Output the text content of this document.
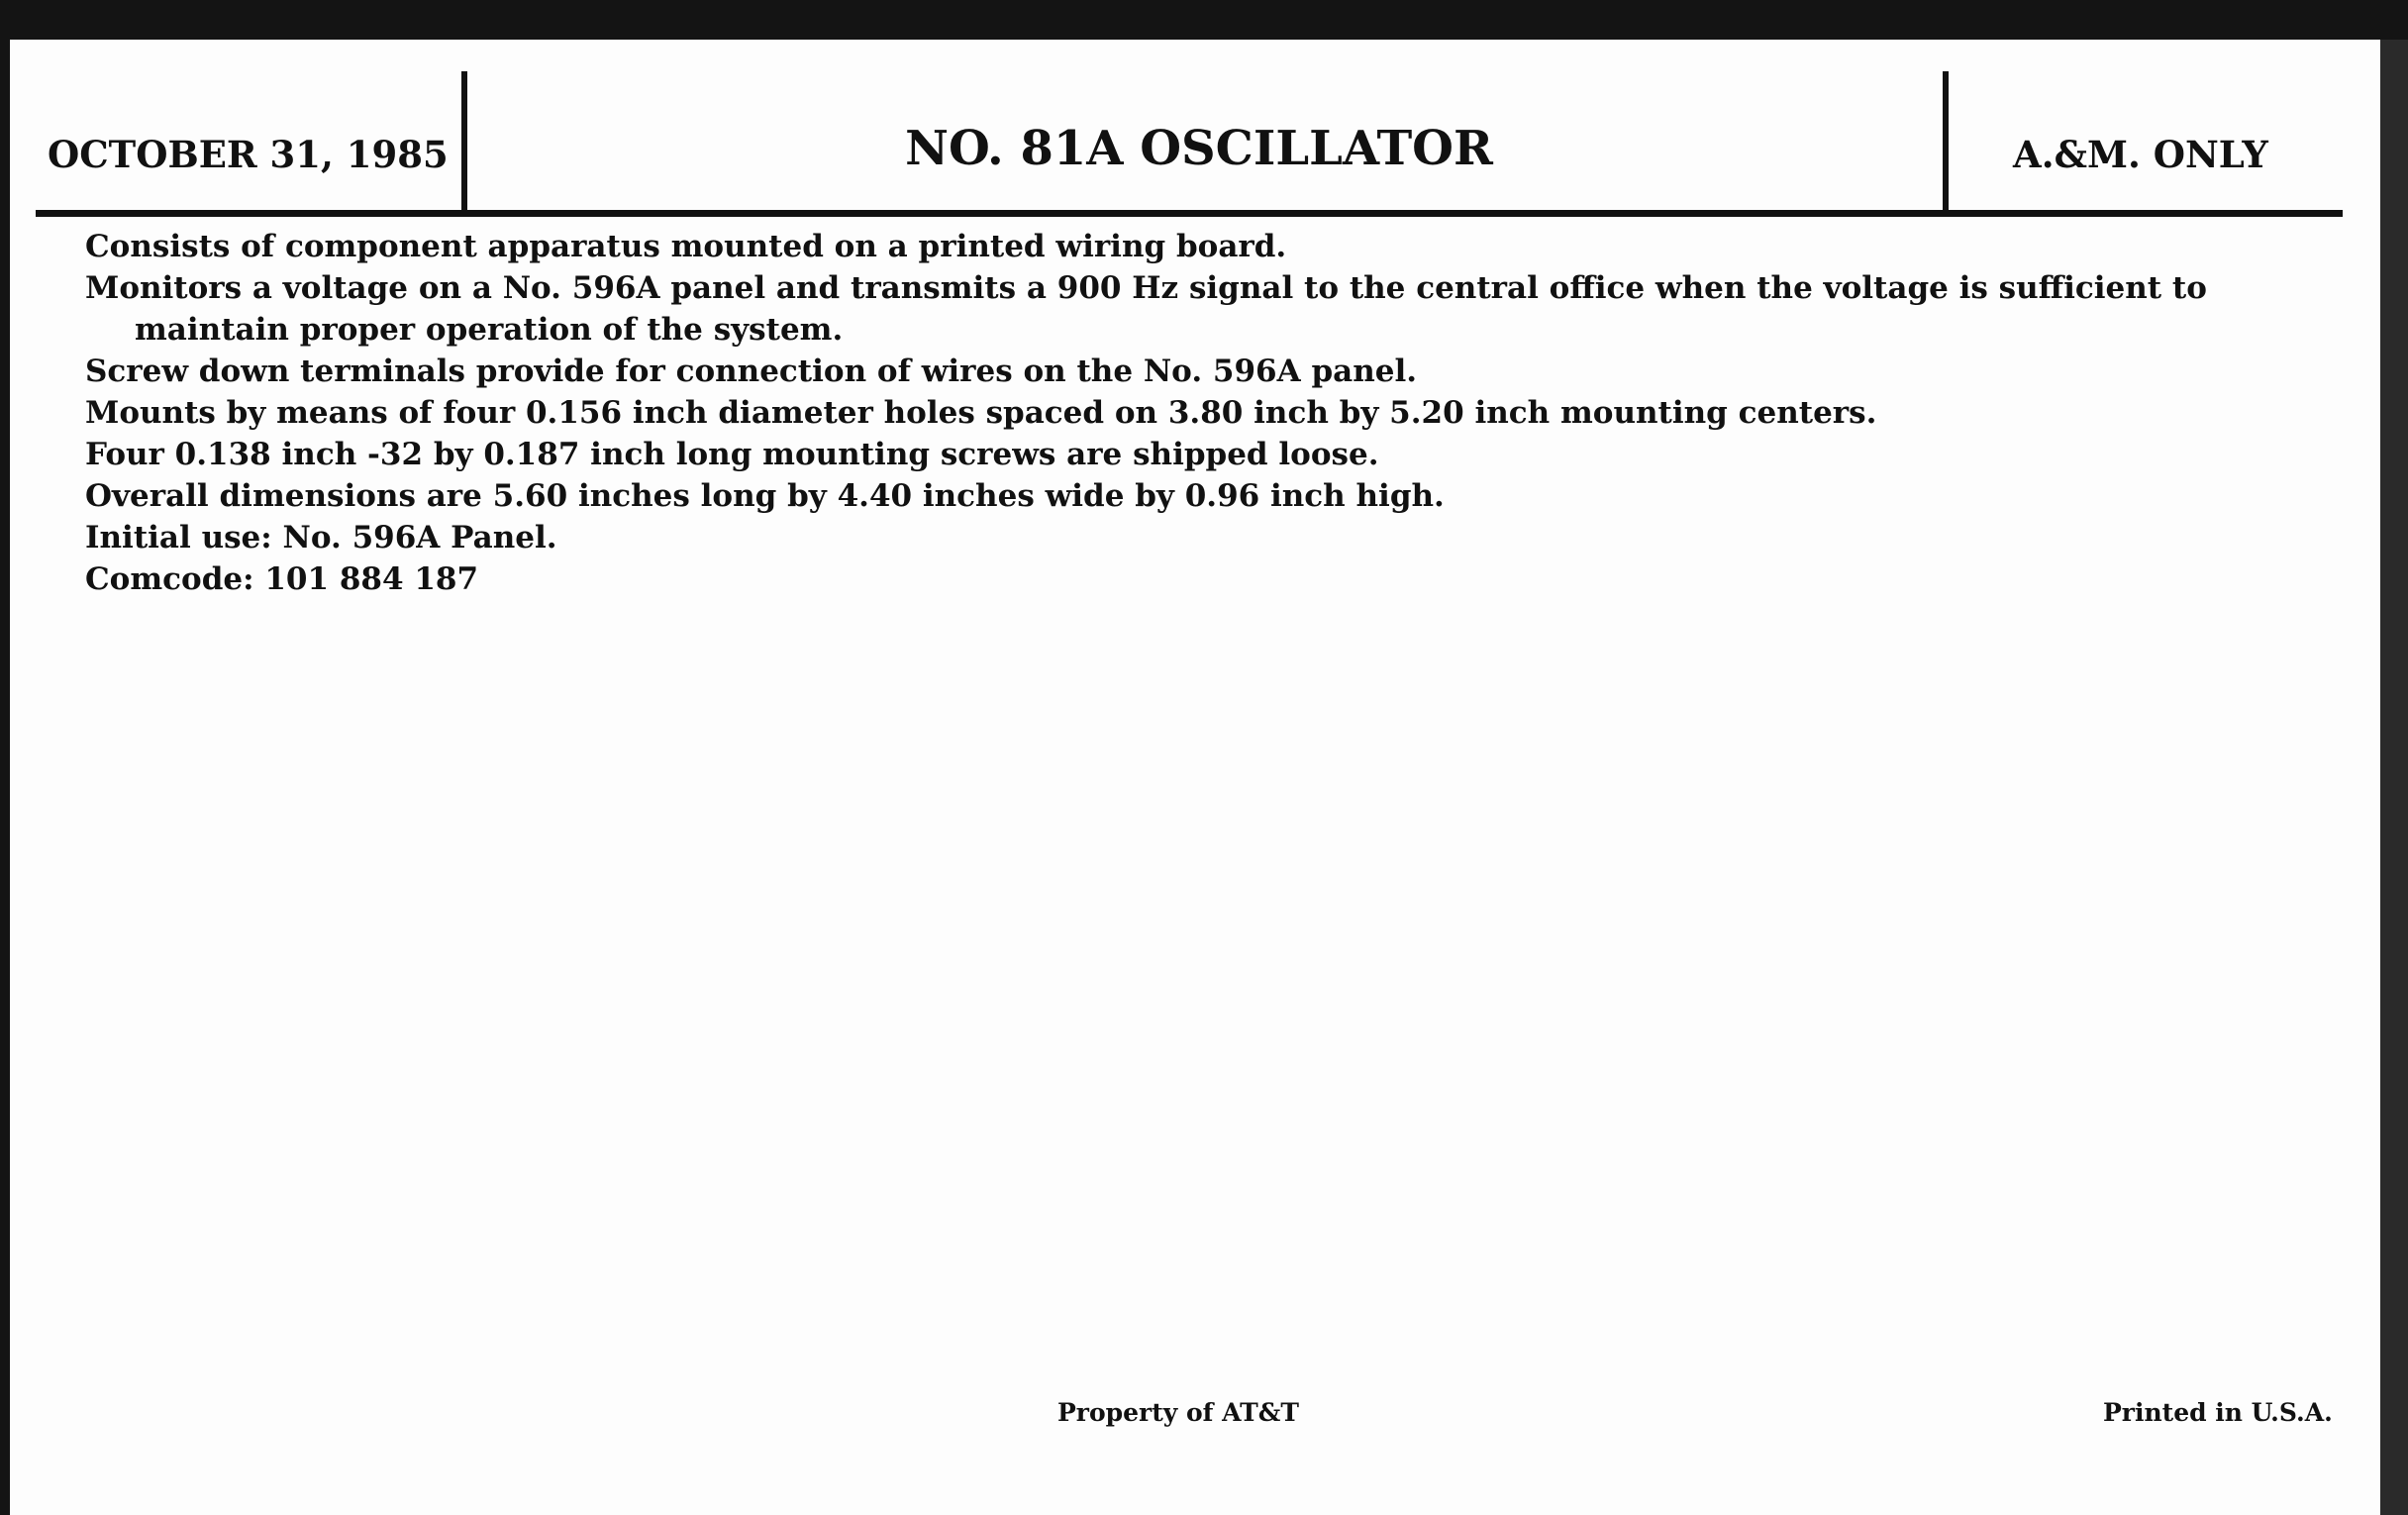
OCTOBER 31, 1985	NO. 81A OSCILLATOR	A.&M. ONLY

Consists of component apparatus mounted on a printed wiring board.

Monitors a voltage on a No. 596A panel and transmits a 900 Hz signal to the central office when the voltage is sufficient to maintain proper operation of the system.

Screw down terminals provide for connection of wires on the No. 596A panel.

Mounts by means of four 0.156 inch diameter holes spaced on 3.80 inch by 5.20 inch mounting centers.

Four 0.138 inch -32 by 0.187 inch long mounting screws are shipped loose.

Overall dimensions are 5.60 inches long by 4.40 inches wide by 0.96 inch high.

Initial use: No. 596A Panel.

Comcode: 101 884 187

Property of AT&T	Printed in U.S.A.
